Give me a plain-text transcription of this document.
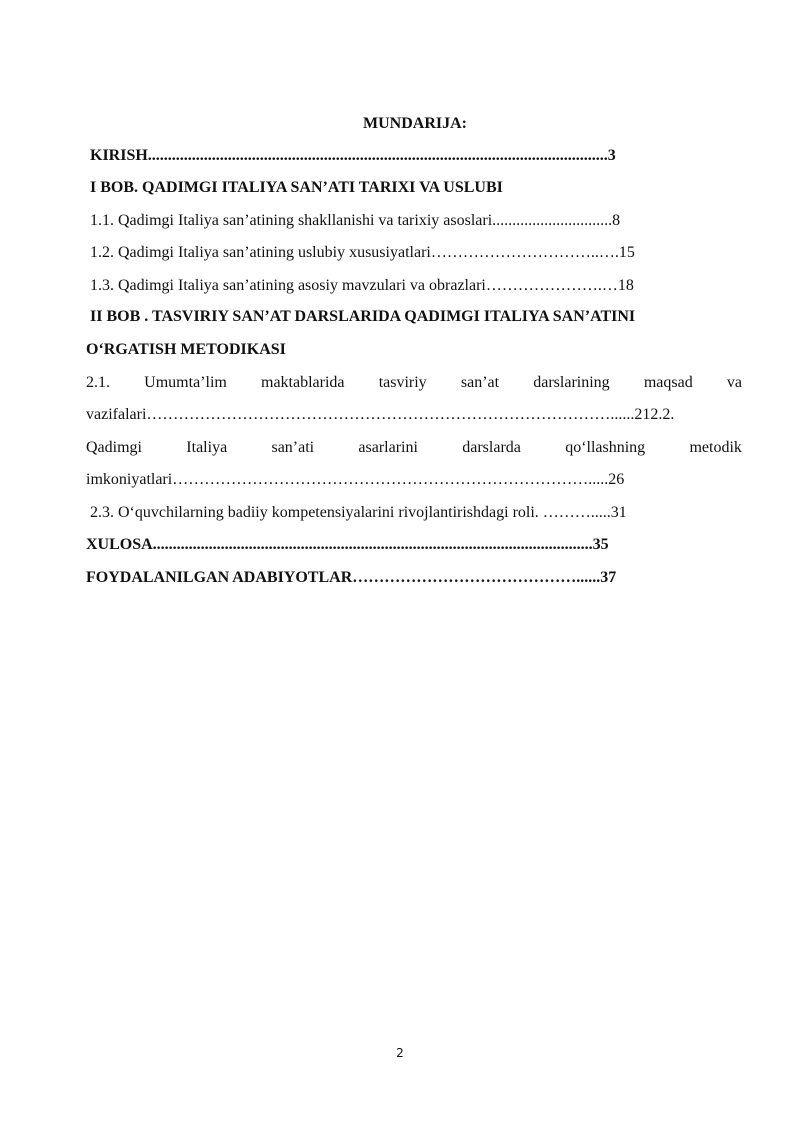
MUNDARIJA:
KIRISH...................................................................................................................3
I BOB. QADIMGI ITALIYA SAN’ATI TARIXI VA USLUBI
1.1. Qadimgi Italiya san’atining shakllanishi va tarixiy asoslari..............................8
1.2. Qadimgi Italiya san’atining uslubiy xususiyatlari…………………………..….15
1.3. Qadimgi Italiya san’atining asosiy mavzulari va obrazlari………………….…18
II BOB . TASVIRIY SAN’AT DARSLARIDA QADIMGI ITALIYA SAN’ATINI
O‘RGATISH METODIKASI
2.1. Umumta’lim maktablarida tasviriy san’at darslarining maqsad va
vazifalari……………………………………………………………………………......212.2.
Qadimgi	Italiya	san’ati	asarlarini	darslarda	qo‘llashning	metodik
imkoniyatlari…………………………………………………………………….....26
2.3. O‘quvchilarning badiiy kompetensiyalarini rivojlantirishdagi roli. ……….....31
XULOSA..............................................................................................................35
FOYDALANILGAN ADABIYOTLAR……………………………………......37
2
